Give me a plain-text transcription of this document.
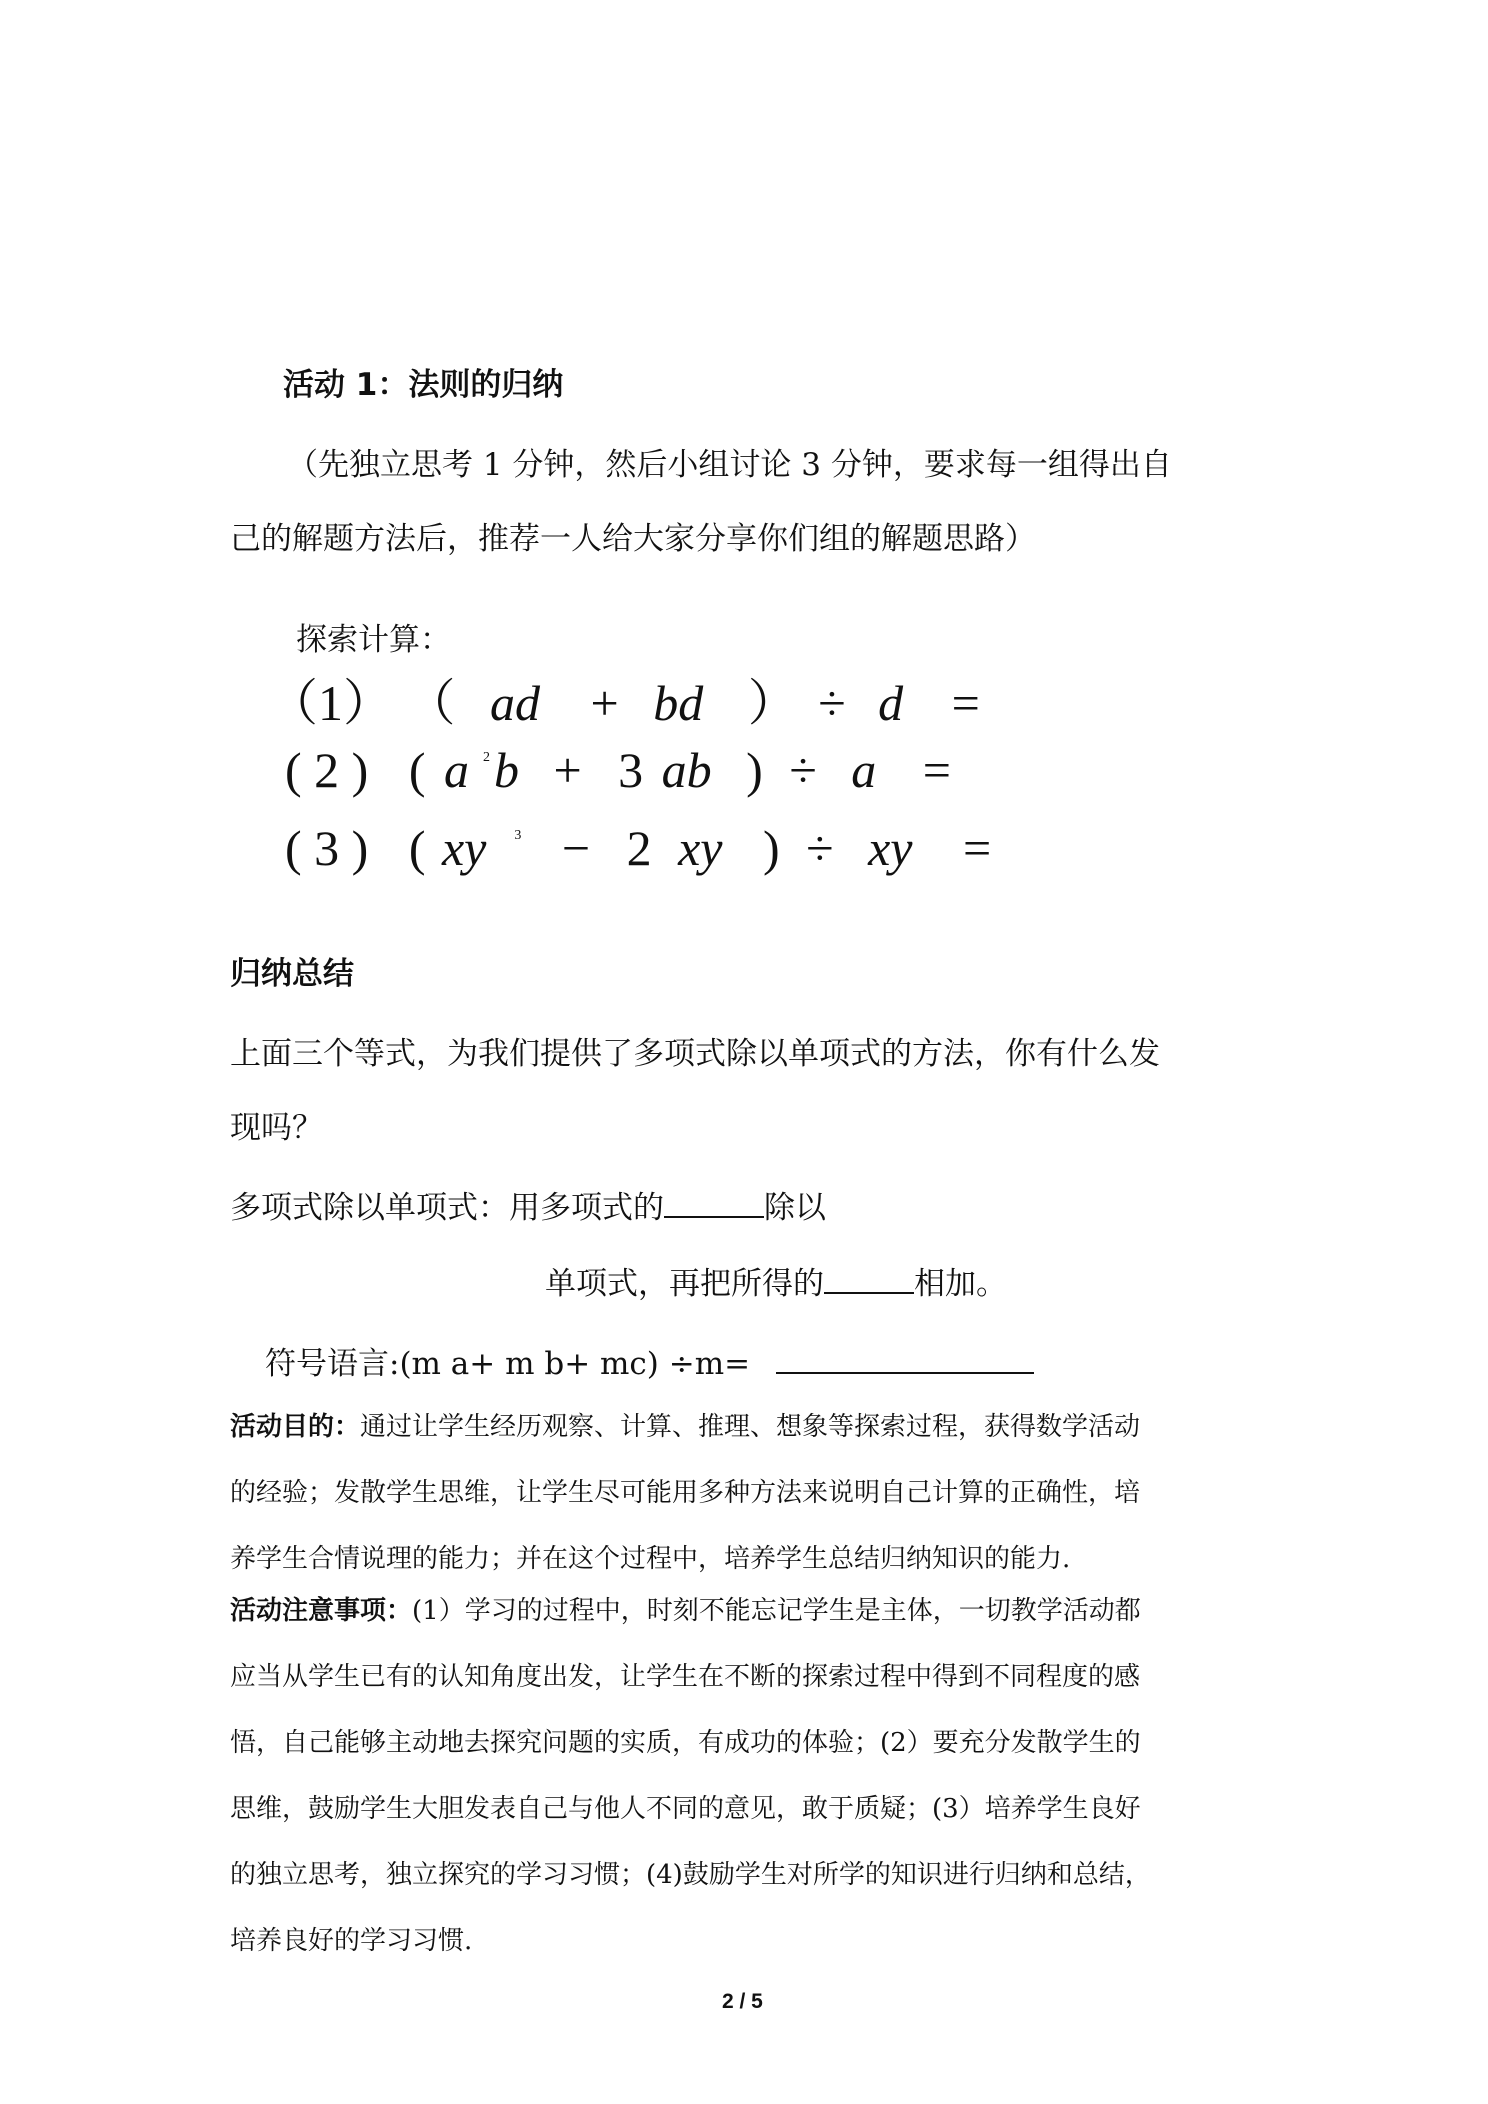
活动 1：法则的归纳
（先独立思考 1 分钟，然后小组讨论 3 分钟，要求每一组得出自
己的解题方法后，推荐一人给大家分享你们组的解题思路）
探索计算：
（1） （ ad + bd ） ÷ d =
( 2 ) ( a $^2$b + 3 ab ) ÷ a =
( 3 ) ( xy $^3$ − 2 xy ) ÷ xy =
归纳总结
上面三个等式，为我们提供了多项式除以单项式的方法，你有什么发
现吗？
多项式除以单项式：用多项式的	除以
单项式，再把所得的	相加。
符号语言:(m a+ m b+ mc) ÷m=
活动目的：通过让学生经历观察、计算、推理、想象等探索过程，获得数学活动
的经验；发散学生思维，让学生尽可能用多种方法来说明自己计算的正确性，培
养学生合情说理的能力；并在这个过程中，培养学生总结归纳知识的能力.
活动注意事项：(1）学习的过程中，时刻不能忘记学生是主体，一切教学活动都
应当从学生已有的认知角度出发，让学生在不断的探索过程中得到不同程度的感
悟，自己能够主动地去探究问题的实质，有成功的体验；(2）要充分发散学生的
思维，鼓励学生大胆发表自己与他人不同的意见，敢于质疑；(3）培养学生良好
的独立思考，独立探究的学习习惯；(4)鼓励学生对所学的知识进行归纳和总结，
培养良好的学习习惯.
2 / 5
